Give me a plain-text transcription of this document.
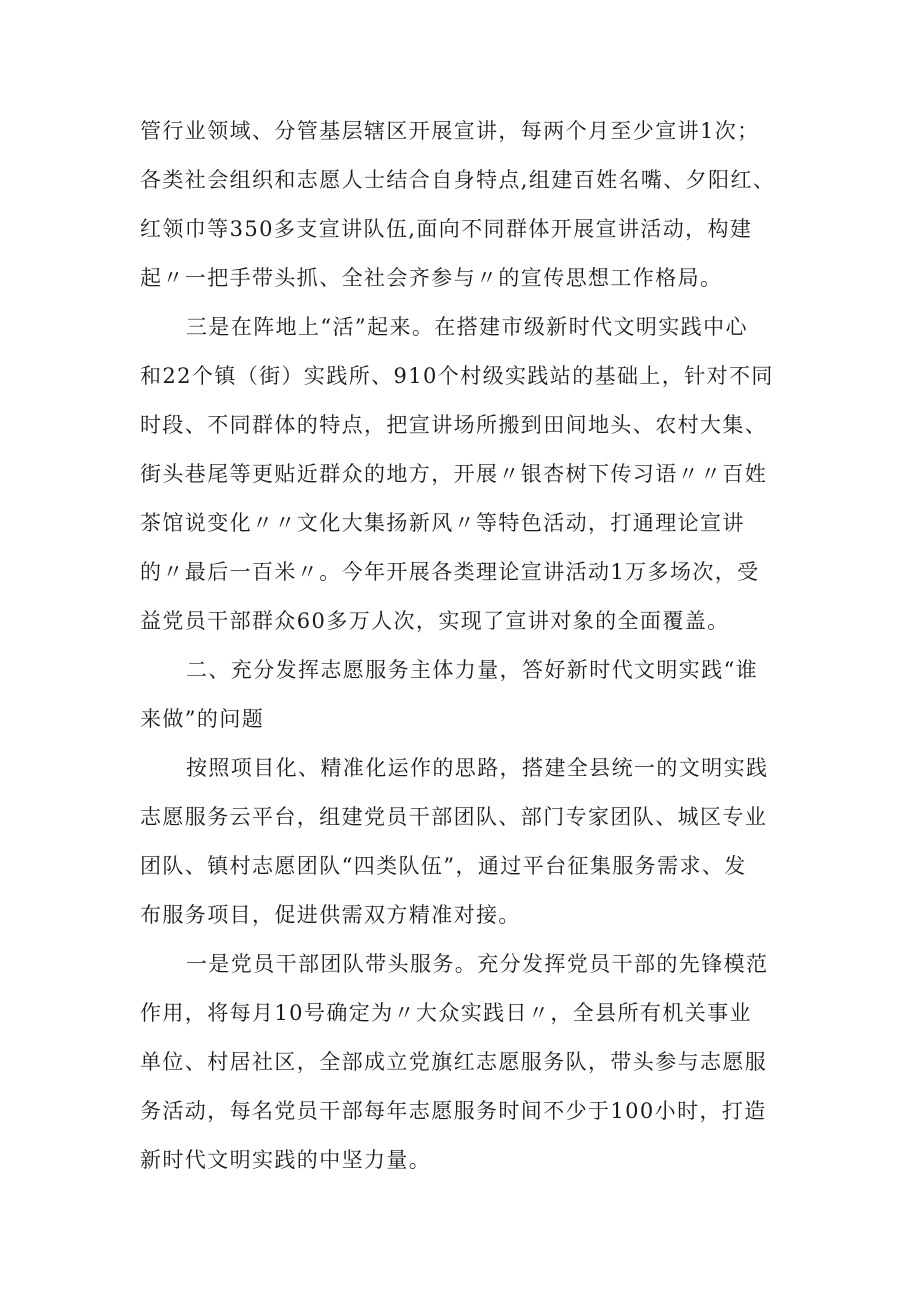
管行业领域、分管基层辖区开展宣讲，每两个月至少宣讲1次；
各类社会组织和志愿人士结合自身特点,组建百姓名嘴、夕阳红、
红领巾等350多支宣讲队伍,面向不同群体开展宣讲活动，构建
起〃一把手带头抓、全社会齐参与〃的宣传思想工作格局。
三是在阵地上“活”起来。在搭建市级新时代文明实践中心
和22个镇（街）实践所、910个村级实践站的基础上，针对不同
时段、不同群体的特点，把宣讲场所搬到田间地头、农村大集、
街头巷尾等更贴近群众的地方，开展〃银杏树下传习语〃〃百姓
茶馆说变化〃〃文化大集扬新风〃等特色活动，打通理论宣讲
的〃最后一百米〃。今年开展各类理论宣讲活动1万多场次，受
益党员干部群众60多万人次，实现了宣讲对象的全面覆盖。
二、充分发挥志愿服务主体力量，答好新时代文明实践“谁
来做”的问题
按照项目化、精准化运作的思路，搭建全县统一的文明实践
志愿服务云平台，组建党员干部团队、部门专家团队、城区专业
团队、镇村志愿团队“四类队伍”，通过平台征集服务需求、发
布服务项目，促进供需双方精准对接。
一是党员干部团队带头服务。充分发挥党员干部的先锋模范
作用，将每月10号确定为〃大众实践日〃，全县所有机关事业
单位、村居社区，全部成立党旗红志愿服务队，带头参与志愿服
务活动，每名党员干部每年志愿服务时间不少于100小时，打造
新时代文明实践的中坚力量。
